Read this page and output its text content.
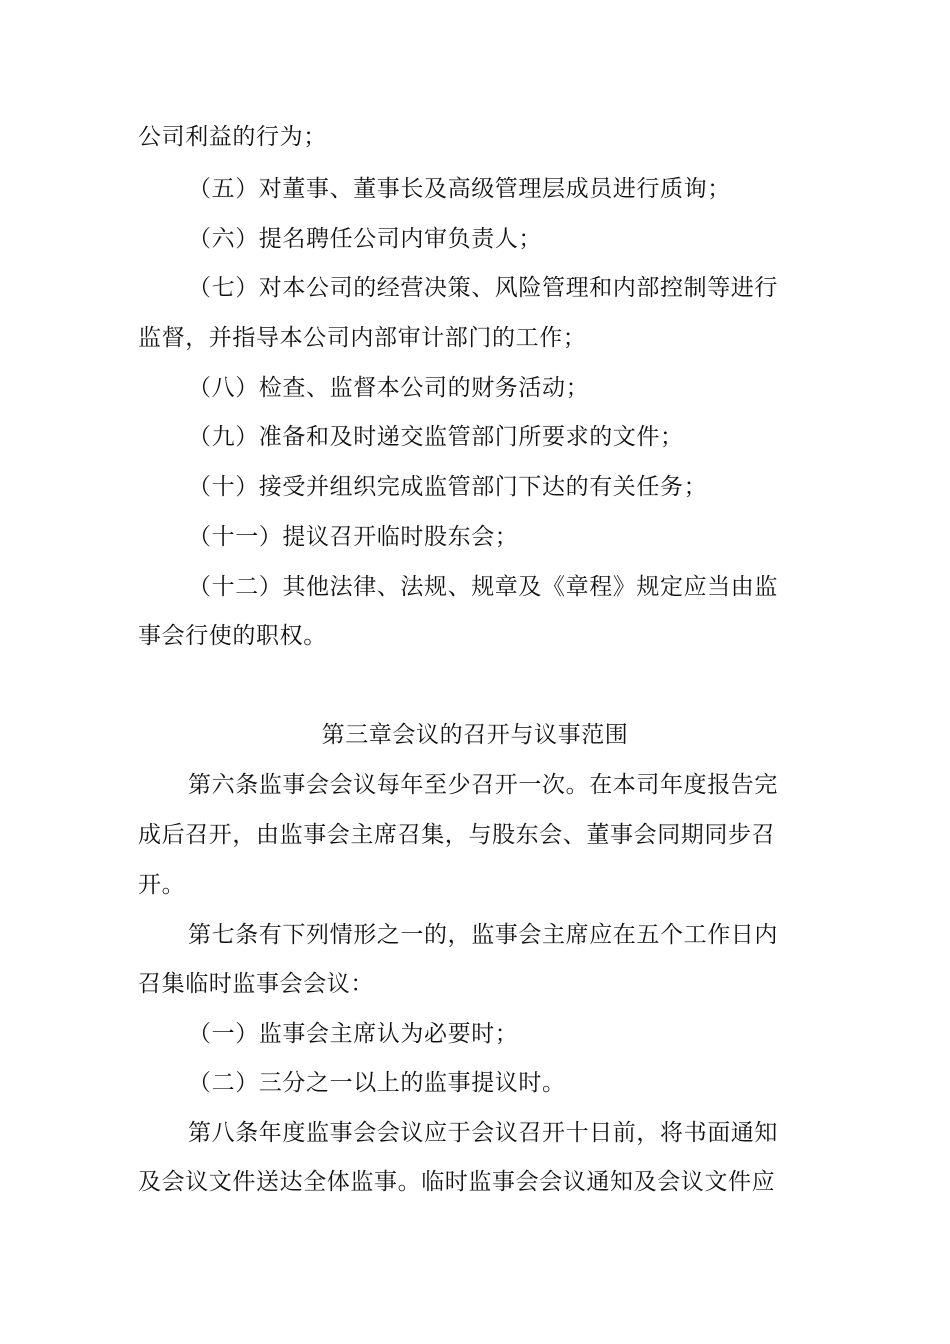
公司利益的行为；
（五）对董事、董事长及高级管理层成员进行质询；
（六）提名聘任公司内审负责人；
（七）对本公司的经营决策、风险管理和内部控制等进行
监督，并指导本公司内部审计部门的工作；
（八）检查、监督本公司的财务活动；
（九）准备和及时递交监管部门所要求的文件；
（十）接受并组织完成监管部门下达的有关任务；
（十一）提议召开临时股东会；
（十二）其他法律、法规、规章及《章程》规定应当由监
事会行使的职权。
第三章会议的召开与议事范围
第六条监事会会议每年至少召开一次。在本司年度报告完
成后召开，由监事会主席召集，与股东会、董事会同期同步召
开。
第七条有下列情形之一的，监事会主席应在五个工作日内
召集临时监事会会议：
（一）监事会主席认为必要时；
（二）三分之一以上的监事提议时。
第八条年度监事会会议应于会议召开十日前，将书面通知
及会议文件送达全体监事。临时监事会会议通知及会议文件应
